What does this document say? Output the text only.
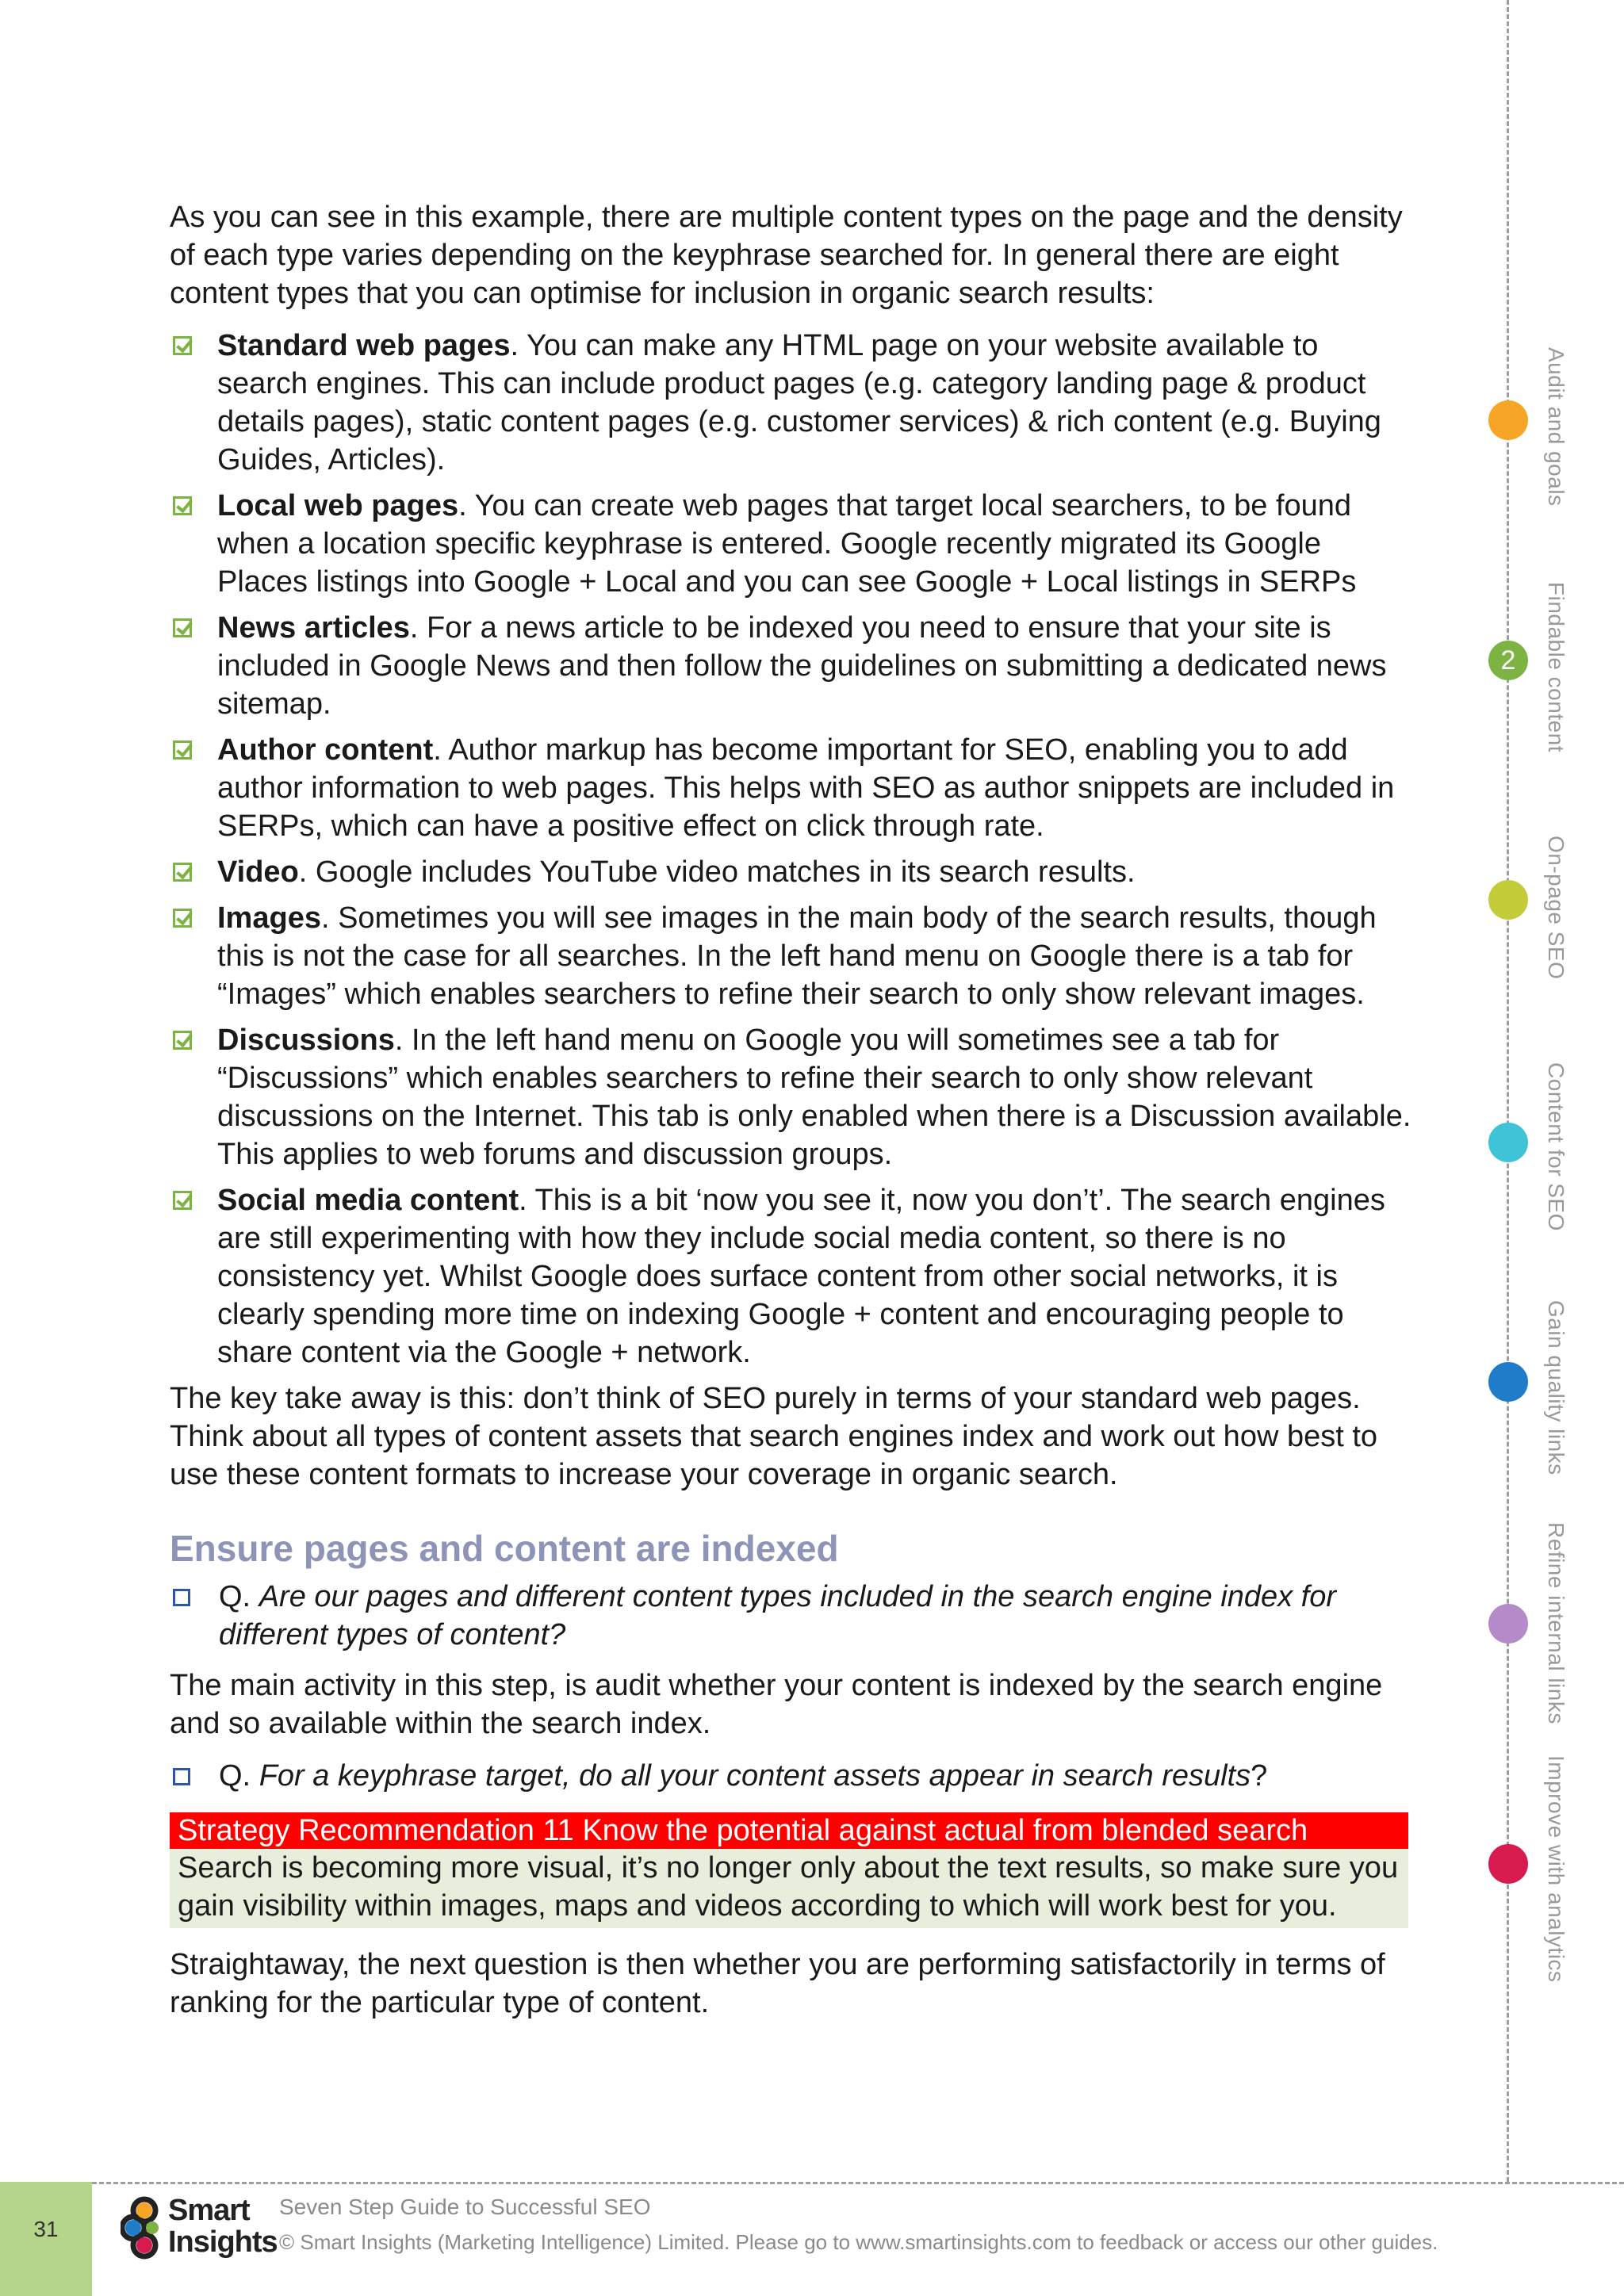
As you can see in this example, there are multiple content types on the page and the density of each type varies depending on the keyphrase searched for. In general there are eight content types that you can optimise for inclusion in organic search results:

Standard web pages. You can make any HTML page on your website available to search engines. This can include product pages (e.g. category landing page & product details pages), static content pages (e.g. customer services) & rich content (e.g. Buying Guides, Articles).
Local web pages. You can create web pages that target local searchers, to be found when a location specific keyphrase is entered. Google recently migrated its Google Places listings into Google + Local and you can see Google + Local listings in SERPs
News articles. For a news article to be indexed you need to ensure that your site is included in Google News and then follow the guidelines on submitting a dedicated news sitemap.
Author content. Author markup has become important for SEO, enabling you to add author information to web pages. This helps with SEO as author snippets are included in SERPs, which can have a positive effect on click through rate.
Video. Google includes YouTube video matches in its search results.
Images. Sometimes you will see images in the main body of the search results, though this is not the case for all searches. In the left hand menu on Google there is a tab for “Images” which enables searchers to refine their search to only show relevant images.
Discussions. In the left hand menu on Google you will sometimes see a tab for “Discussions” which enables searchers to refine their search to only show relevant discussions on the Internet. This tab is only enabled when there is a Discussion available. This applies to web forums and discussion groups.
Social media content. This is a bit ‘now you see it, now you don’t’. The search engines are still experimenting with how they include social media content, so there is no consistency yet. Whilst Google does surface content from other social networks, it is clearly spending more time on indexing Google + content and encouraging people to share content via the Google + network.

The key take away is this: don’t think of SEO purely in terms of your standard web pages. Think about all types of content assets that search engines index and work out how best to use these content formats to increase your coverage in organic search.

Ensure pages and content are indexed
Q. Are our pages and different content types included in the search engine index for different types of content?

The main activity in this step, is audit whether your content is indexed by the search engine and so available within the search index.

Q. For a keyphrase target, do all your content assets appear in search results?
Strategy Recommendation 11 Know the potential against actual from blended search
Search is becoming more visual, it’s no longer only about the text results, so make sure you gain visibility within images, maps and videos according to which will work best for you.

Straightaway, the next question is then whether you are performing satisfactorily in terms of ranking for the particular type of content.

Audit and goals
2	Findable content
On-page SEO
Content for SEO
Gain quality links
Refine internal links
Improve with analytics
31
Smart
Insights
Seven Step Guide to Successful SEO
© Smart Insights (Marketing Intelligence) Limited. Please go to www.smartinsights.com to feedback or access our other guides.
